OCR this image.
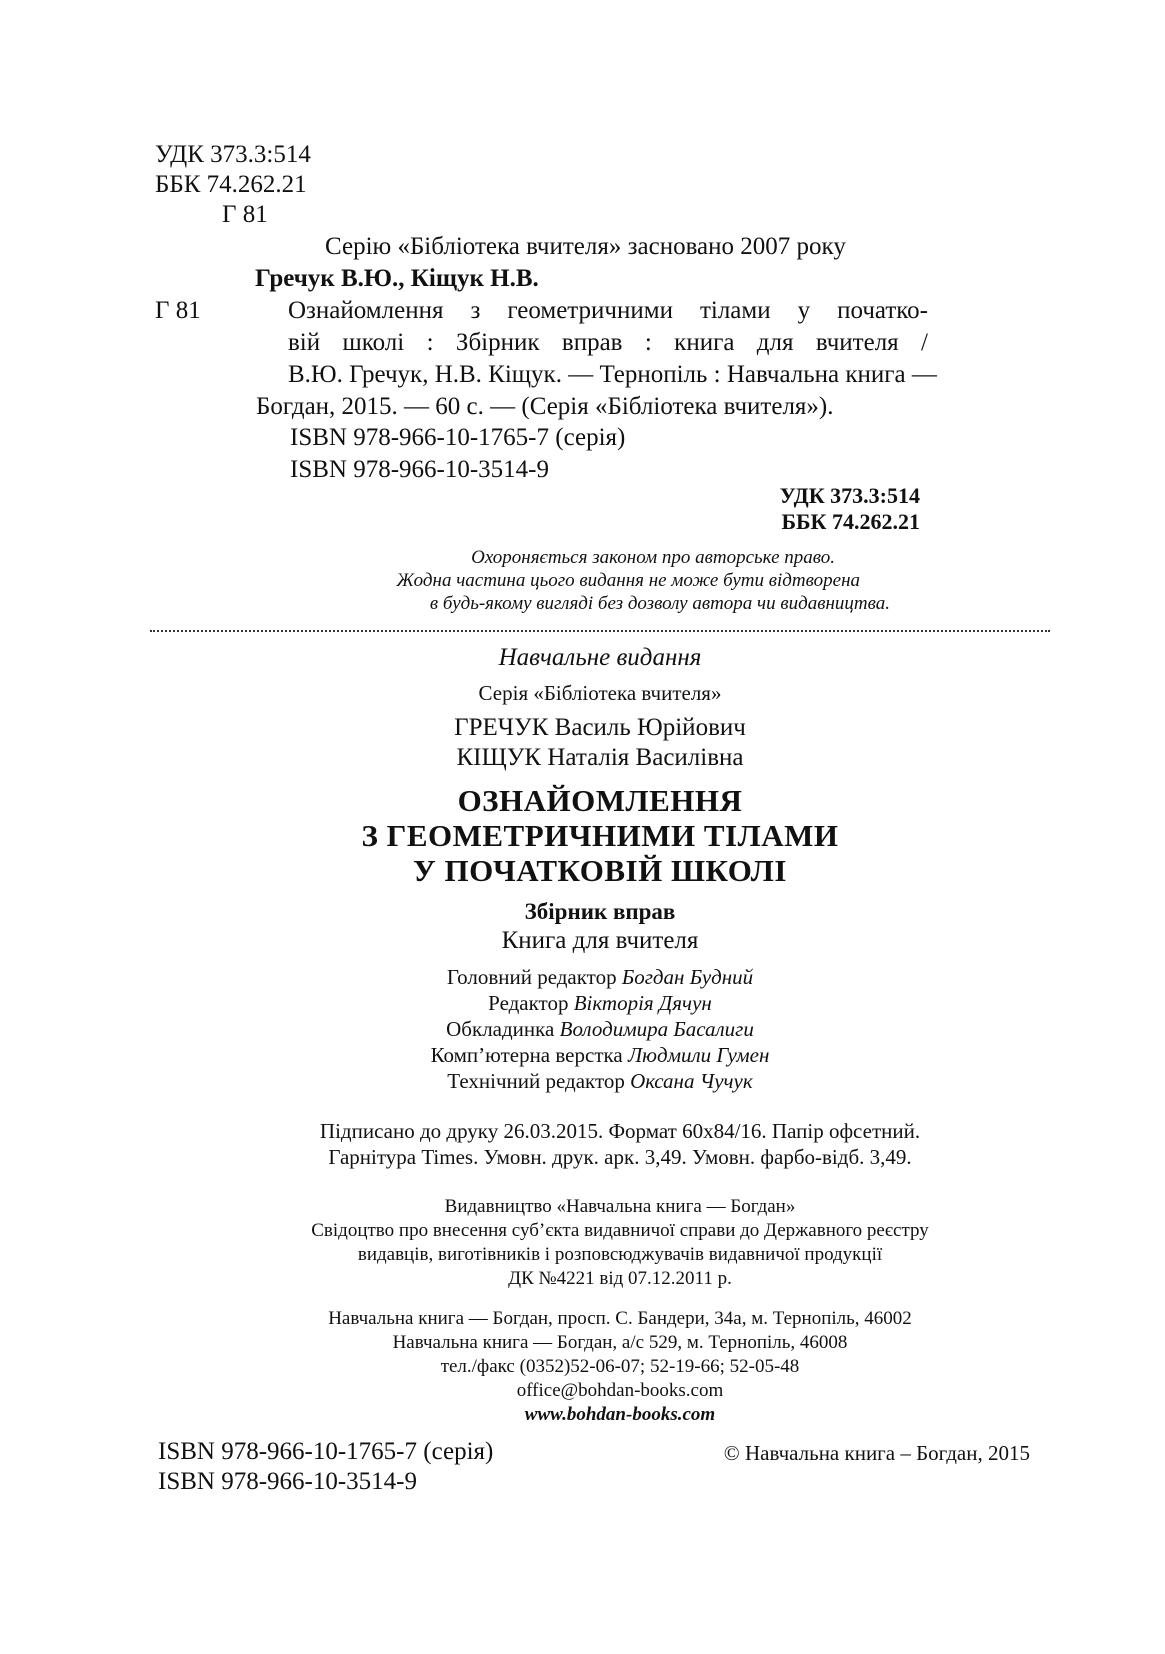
УДК 373.3:514
ББК 74.262.21
Г 81
Серію «Бібліотека вчителя» засновано 2007 року
Гречук В.Ю., Кіщук Н.В.
Г 81	Ознайомлення з геометричними тілами у початко-
вій школі : Збірник вправ : книга для вчителя /
В.Ю. Гречук, Н.В. Кіщук. — Тернопіль : Навчальна книга —
Богдан, 2015. — 60 с. — (Серія «Бібліотека вчителя»).
ISBN 978-966-10-1765-7 (серія)
ISBN 978-966-10-3514-9
УДК 373.3:514
ББК 74.262.21
Охороняється законом про авторське право.
Жодна частина цього видання не може бути відтворена
в будь-якому вигляді без дозволу автора чи видавництва.
Навчальне видання
Серія «Бібліотека вчителя»
ГРЕЧУК Василь Юрійович
КІЩУК Наталія Василівна
ОЗНАЙОМЛЕННЯ
З ГЕОМЕТРИЧНИМИ ТІЛАМИ
У ПОЧАТКОВІЙ ШКОЛІ
Збірник вправ
Книга для вчителя
Головний редактор Богдан Будний
Редактор Вікторія Дячун
Обкладинка Володимира Басалиги
Комп’ютерна верстка Людмили Гумен
Технічний редактор Оксана Чучук
Підписано до друку 26.03.2015. Формат 60х84/16. Папір офсетний.
Гарнітура Times. Умовн. друк. арк. 3,49. Умовн. фарбо-відб. 3,49.
Видавництво «Навчальна книга — Богдан»
Свідоцтво про внесення суб’єкта видавничої справи до Державного реєстру
видавців, виготівників і розповсюджувачів видавничої продукції
ДК №4221 від 07.12.2011 р.
Навчальна книга — Богдан, просп. С. Бандери, 34а, м. Тернопіль, 46002
Навчальна книга — Богдан, а/с 529, м. Тернопіль, 46008
тел./факс (0352)52-06-07; 52-19-66; 52-05-48
office@bohdan-books.com
www.bohdan-books.com
ISBN 978-966-10-1765-7 (серія)
ISBN 978-966-10-3514-9
© Навчальна книга – Богдан, 2015
